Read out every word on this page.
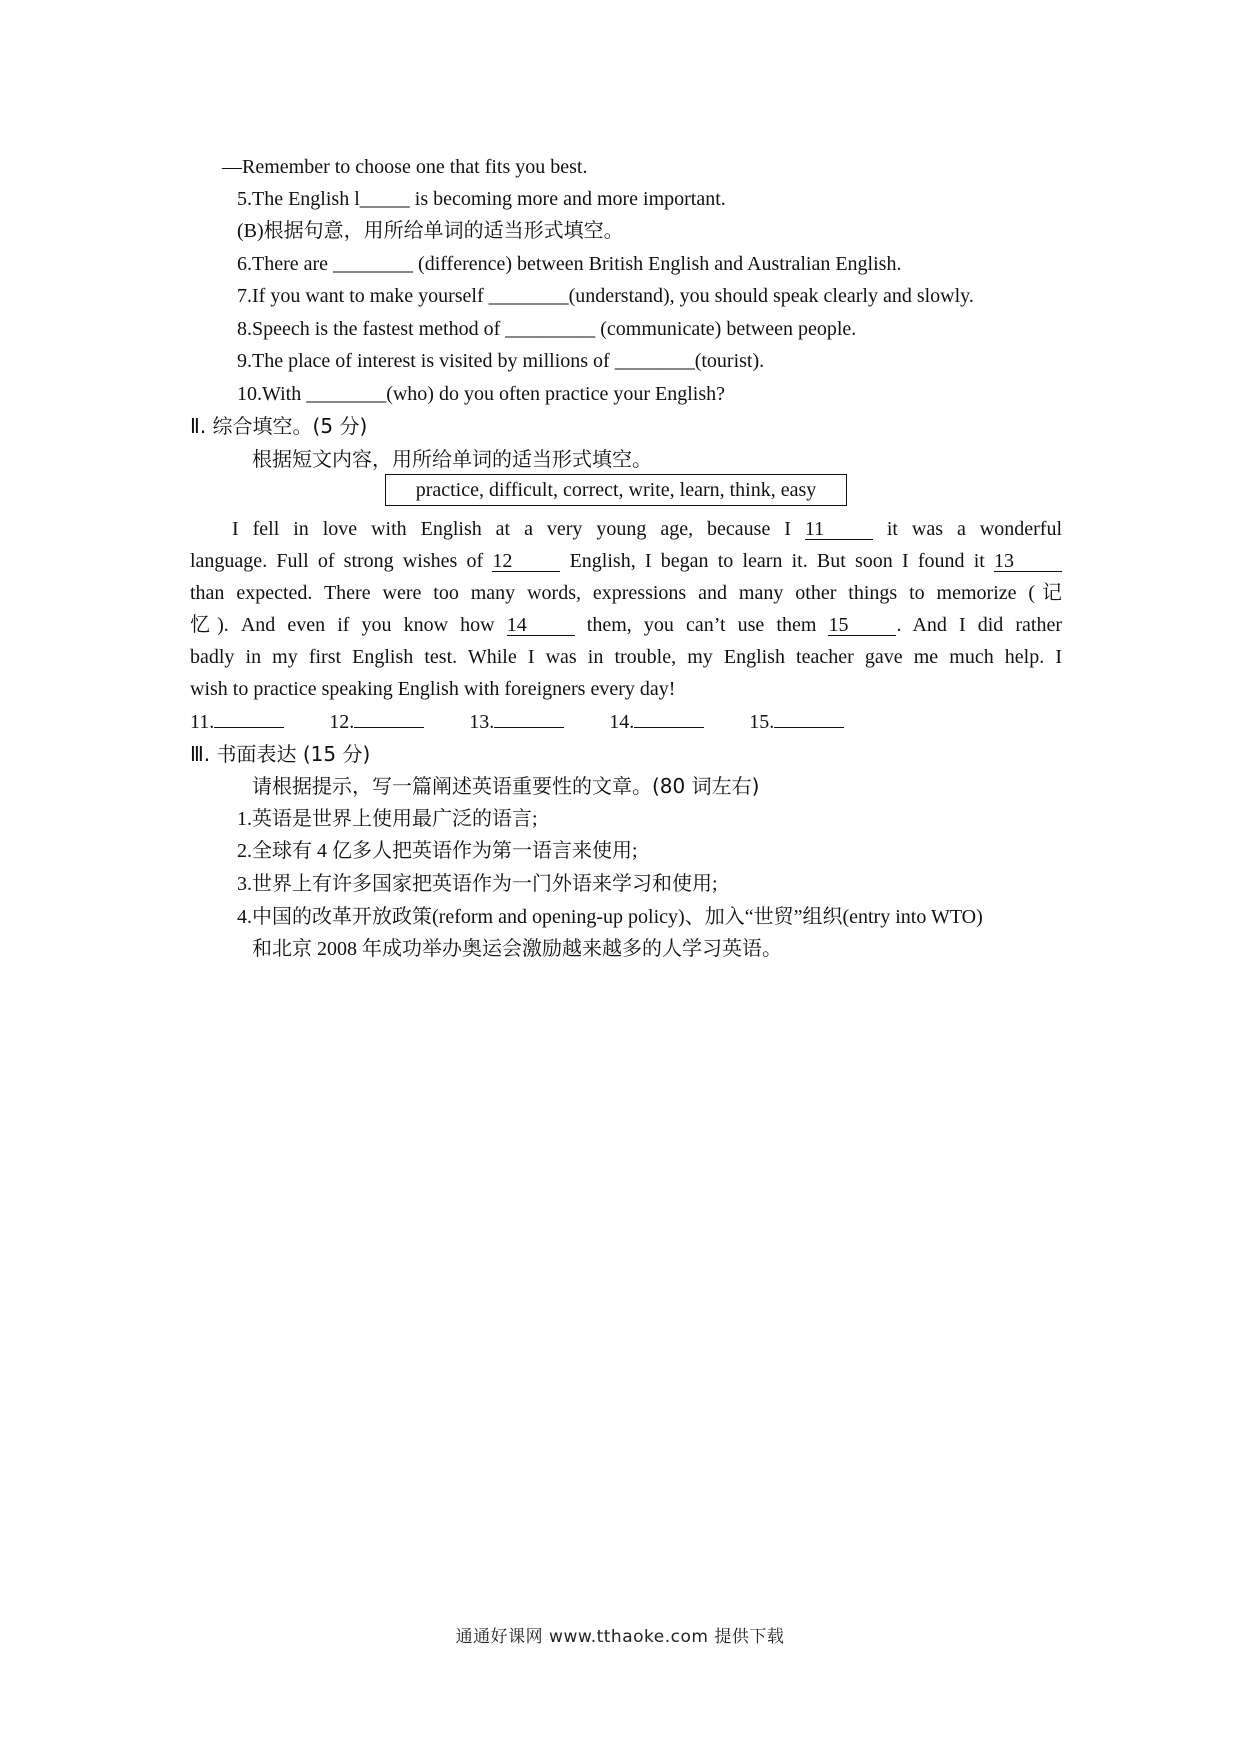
—Remember to choose one that fits you best.
5.The English l_____ is becoming more and more important.
(B)根据句意，用所给单词的适当形式填空。
6.There are ________ (difference) between British English and Australian English.
7.If you want to make yourself ________(understand), you should speak clearly and slowly.
8.Speech is the fastest method of _________ (communicate) between people.
9.The place of interest is visited by millions of ________(tourist).
10.With ________(who) do you often practice your English?
Ⅱ. 综合填空。(5 分)
根据短文内容，用所给单词的适当形式填空。
practice, difficult, correct, write, learn, think, easy
I fell in love with English at a very young age, because I 11	it was a wonderful
language. Full of strong wishes of 12	English, I began to learn it. But soon I found it 13
than expected. There were too many words, expressions and many other things to memorize (记
忆). And even if you know how 14	them, you can’t use them 15 . And I did rather
badly in my first English test. While I was in trouble, my English teacher gave me much help. I
wish to practice speaking English with foreigners every day!
11.	12.	13.	14.	15.
Ⅲ. 书面表达 (15 分)
请根据提示，写一篇阐述英语重要性的文章。(80 词左右)
1.英语是世界上使用最广泛的语言;
2.全球有 4 亿多人把英语作为第一语言来使用;
3.世界上有许多国家把英语作为一门外语来学习和使用;
4.中国的改革开放政策(reform and opening-up policy)、加入“世贸”组织(entry into WTO)
和北京 2008 年成功举办奥运会激励越来越多的人学习英语。
通通好课网 www.tthaoke.com 提供下载
